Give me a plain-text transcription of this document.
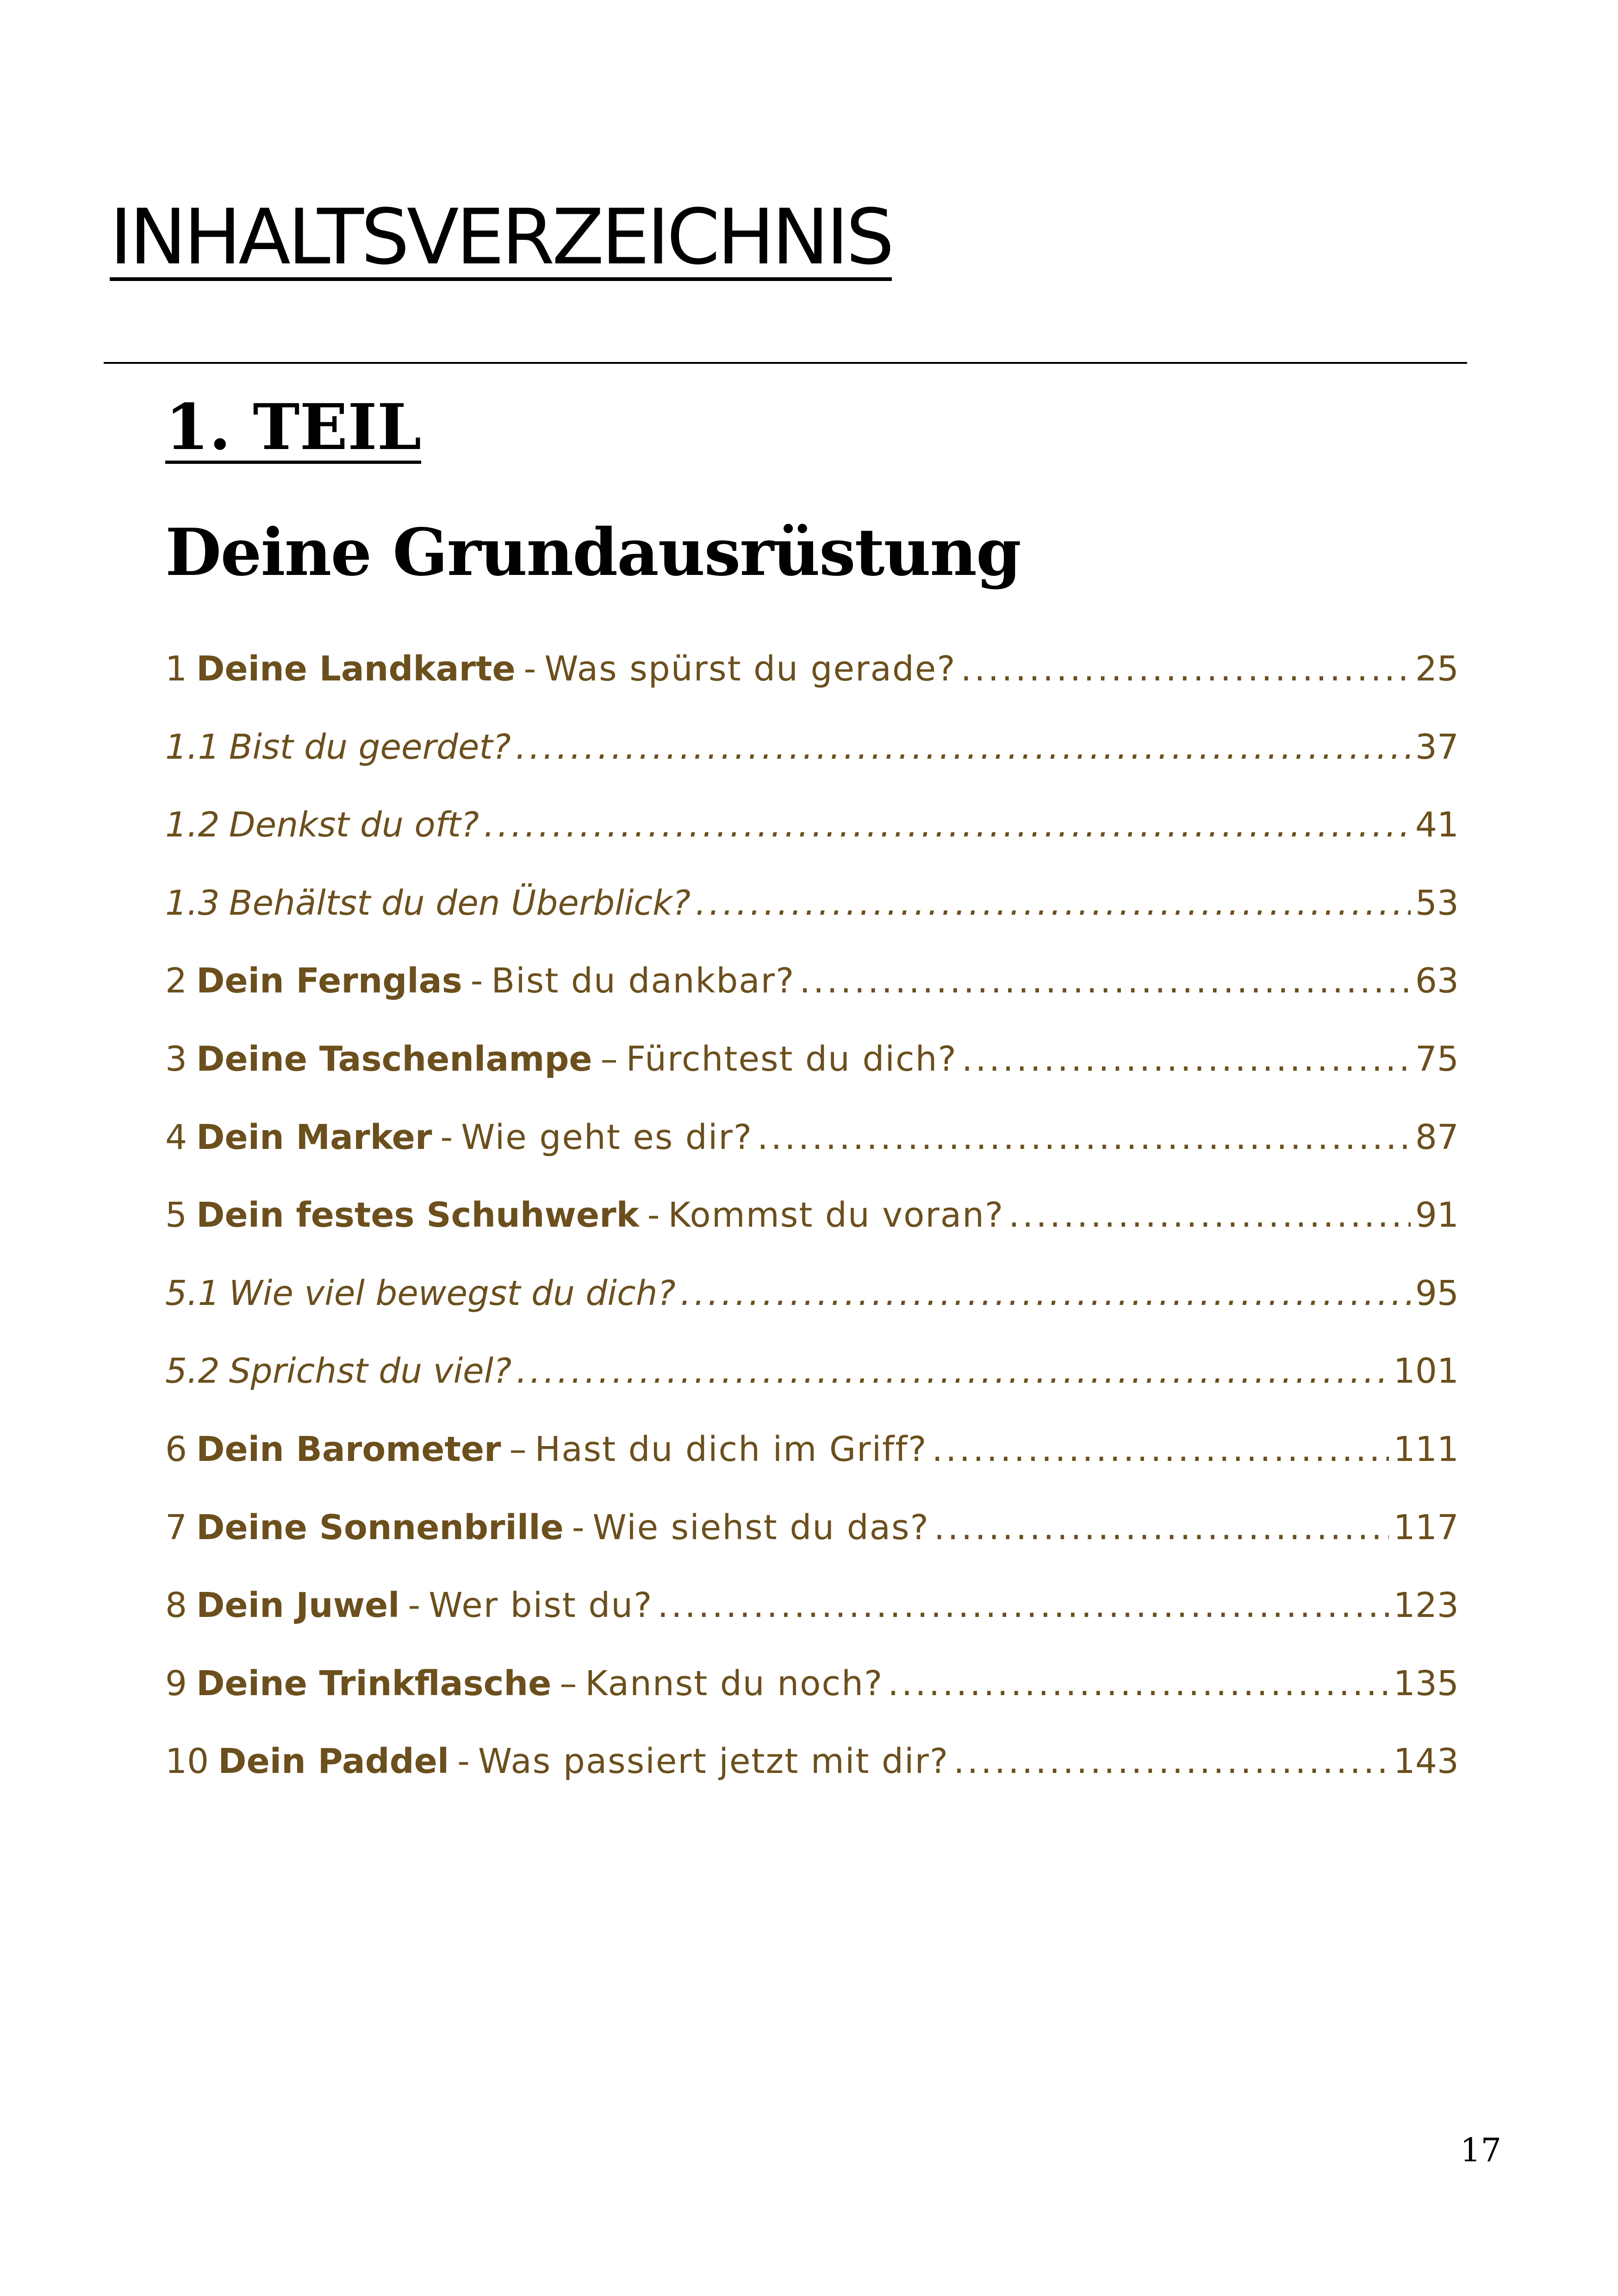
INHALTSVERZEICHNIS
1. TEIL
Deine Grundausrüstung
1 Deine Landkarte - Was spürst du gerade? .....	25
1.1 Bist du geerdet? .....	37
1.2 Denkst du oft? .....	41
1.3 Behältst du den Überblick? .....	53
2 Dein Fernglas - Bist du dankbar? .....	63
3 Deine Taschenlampe – Fürchtest du dich? .....	75
4 Dein Marker - Wie geht es dir? .....	87
5 Dein festes Schuhwerk - Kommst du voran? .....	91
5.1 Wie viel bewegst du dich? .....	95
5.2 Sprichst du viel? .....	101
6 Dein Barometer – Hast du dich im Griff? .....	111
7 Deine Sonnenbrille - Wie siehst du das? .....	117
8 Dein Juwel - Wer bist du? .....	123
9 Deine Trinkflasche – Kannst du noch? .....	135
10 Dein Paddel - Was passiert jetzt mit dir? .....	143
17
